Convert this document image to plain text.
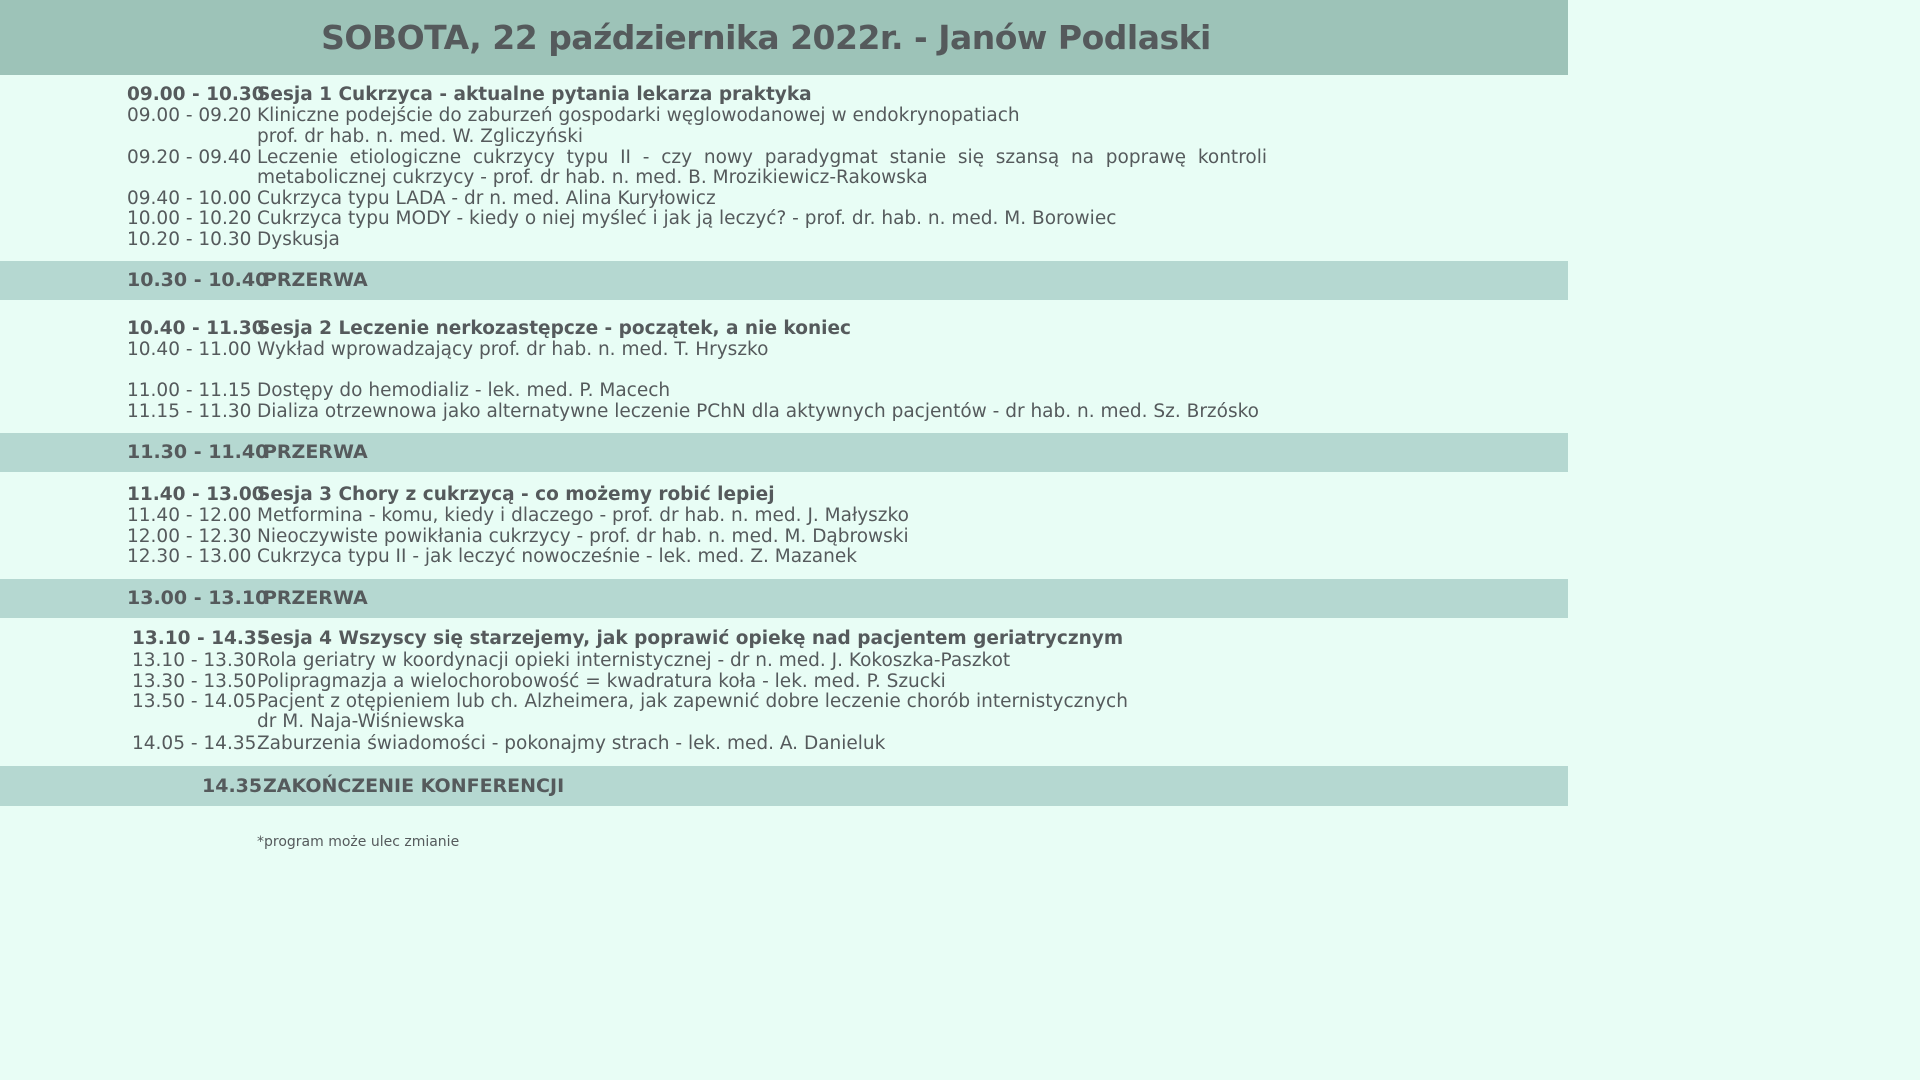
SOBOTA, 22 października 2022r. - Janów Podlaski
09.00 - 10.30
Sesja 1 Cukrzyca - aktualne pytania lekarza praktyka
09.00 - 09.20 Kliniczne podejście do zaburzeń gospodarki węglowodanowej w endokrynopatiach
prof. dr hab. n. med. W. Zgliczyński
09.20 - 09.40 Leczenie etiologiczne cukrzycy typu II - czy nowy paradygmat stanie się szansą na poprawę kontroli
metabolicznej cukrzycy - prof. dr hab. n. med. B. Mrozikiewicz-Rakowska
09.40 - 10.00 Cukrzyca typu LADA - dr n. med. Alina Kuryłowicz
10.00 - 10.20 Cukrzyca typu MODY - kiedy o niej myśleć i jak ją leczyć? - prof. dr. hab. n. med. M. Borowiec
10.20 - 10.30 Dyskusja
10.30 - 10.40
PRZERWA
10.40 - 11.30
Sesja 2 Leczenie nerkozastępcze - początek, a nie koniec
10.40 - 11.00 Wykład wprowadzający prof. dr hab. n. med. T. Hryszko
11.00 - 11.15 Dostępy do hemodializ - lek. med. P. Macech
11.15 - 11.30 Dializa otrzewnowa jako alternatywne leczenie PChN dla aktywnych pacjentów - dr hab. n. med. Sz. Brzósko
11.30 - 11.40
PRZERWA
11.40 - 13.00
Sesja 3 Chory z cukrzycą - co możemy robić lepiej
11.40 - 12.00 Metformina - komu, kiedy i dlaczego - prof. dr hab. n. med. J. Małyszko
12.00 - 12.30 Nieoczywiste powikłania cukrzycy - prof. dr hab. n. med. M. Dąbrowski
12.30 - 13.00 Cukrzyca typu II - jak leczyć nowocześnie - lek. med. Z. Mazanek
13.00 - 13.10
PRZERWA
13.10 - 14.35
Sesja 4 Wszyscy się starzejemy, jak poprawić opiekę nad pacjentem geriatrycznym
13.10 - 13.30 Rola geriatry w koordynacji opieki internistycznej - dr n. med. J. Kokoszka-Paszkot
13.30 - 13.50 Polipragmazja a wielochorobowość = kwadratura koła - lek. med. P. Szucki
13.50 - 14.05 Pacjent z otępieniem lub ch. Alzheimera, jak zapewnić dobre leczenie chorób internistycznych
dr M. Naja-Wiśniewska
14.05 - 14.35 Zaburzenia świadomości - pokonajmy strach - lek. med. A. Danieluk
14.35 ZAKOŃCZENIE KONFERENCJI
*program może ulec zmianie
